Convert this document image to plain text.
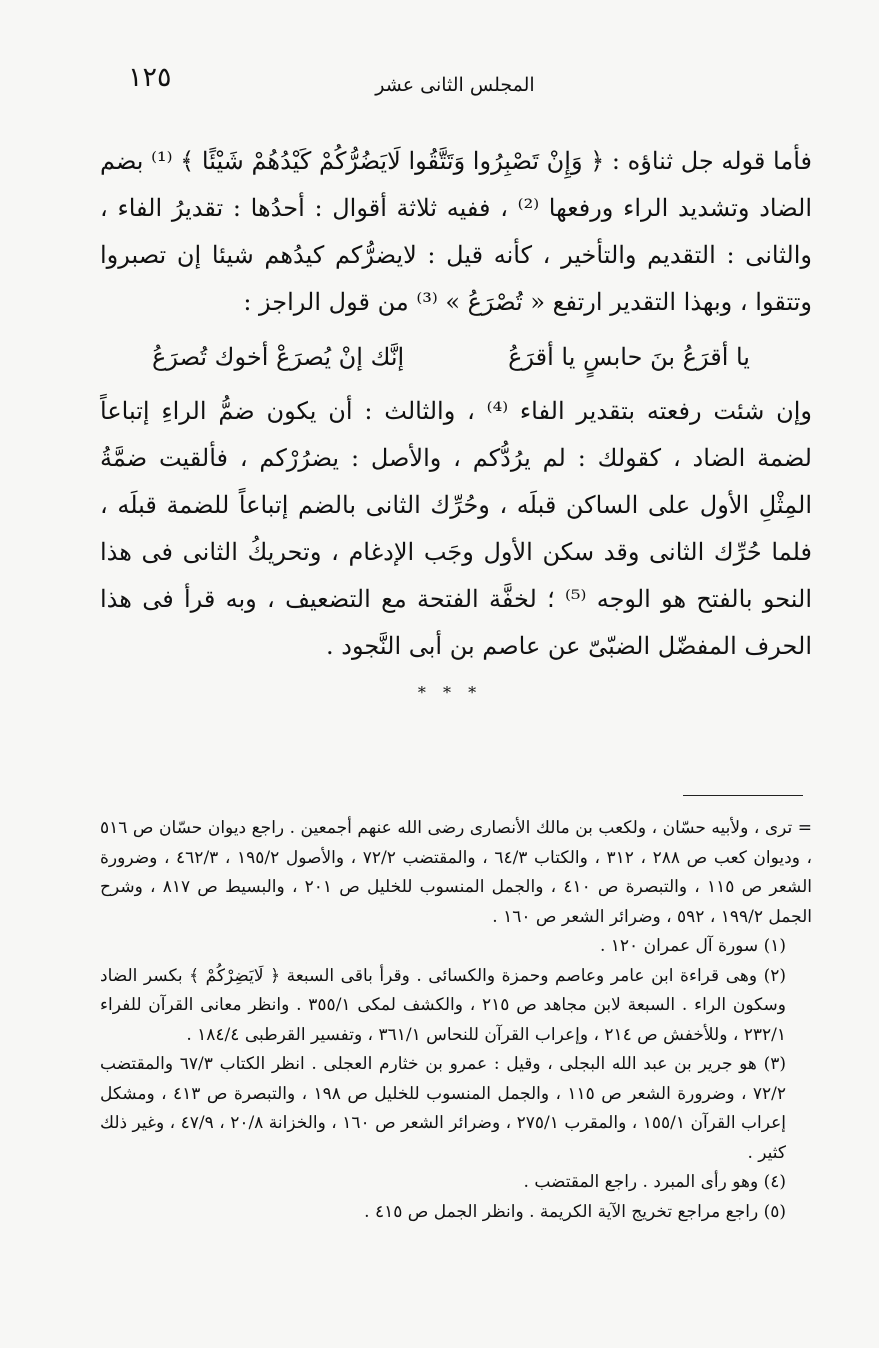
١٢٥	المجلس الثانى عشر

فأما قوله جل ثناؤه : ﴿ وَإِنْ تَصْبِرُوا وَتَتَّقُوا لَايَضُرُّكُمْ كَيْدُهُمْ شَيْئًا ﴾ ⁽¹⁾ بضم الضاد وتشديد الراء ورفعها ⁽²⁾ ، ففيه ثلاثة أقوال : أحدُها : تقديرُ الفاء ، والثانى : التقديم والتأخير ، كأنه قيل : لايضرُّكم كيدُهم شيئا إن تصبروا وتتقوا ، وبهذا التقدير ارتفع « تُصْرَعُ » ⁽³⁾ من قول الراجز :

يا أقرَعُ بنَ حابسٍ يا أقرَعُ
إنَّك إنْ يُصرَعْ أخوك تُصرَعُ

وإن شئت رفعته بتقدير الفاء ⁽⁴⁾ ، والثالث : أن يكون ضمُّ الراءِ إتباعاً لضمة الضاد ، كقولك : لم يرُدُّكم ، والأصل : يضرُرْكم ، فألقيت ضمَّةُ المِثْلِ الأول على الساكن قبلَه ، وحُرِّك الثانى بالضم إتباعاً للضمة قبلَه ، فلما حُرِّك الثانى وقد سكن الأول وجَب الإدغام ، وتحريكُ الثانى فى هذا النحو بالفتح هو الوجه ⁽⁵⁾ ؛ لخفَّة الفتحة مع التضعيف ، وبه قرأ فى هذا الحرف المفضّل الضبّىّ عن عاصم بن أبى النَّجود .

* * *

= ترى ، ولأبيه حسّان ، ولكعب بن مالك الأنصارى رضى الله عنهم أجمعين . راجع ديوان حسّان ص ٥١٦ ، وديوان كعب ص ٢٨٨ ، ٣١٢ ، والكتاب ٦٤/٣ ، والمقتضب ٧٢/٢ ، والأصول ١٩٥/٢ ، ٤٦٢/٣ ، وضرورة الشعر ص ١١٥ ، والتبصرة ص ٤١٠ ، والجمل المنسوب للخليل ص ٢٠١ ، والبسيط ص ٨١٧ ، وشرح الجمل ١٩٩/٢ ، ٥٩٢ ، وضرائر الشعر ص ١٦٠ .

(١) سورة آل عمران ١٢٠ .

(٢) وهى قراءة ابن عامر وعاصم وحمزة والكسائى . وقرأ باقى السبعة ﴿ لَايَضِرْكُمْ ﴾ بكسر الضاد وسكون الراء . السبعة لابن مجاهد ص ٢١٥ ، والكشف لمكى ٣٥٥/١ . وانظر معانى القرآن للفراء ٢٣٢/١ ، وللأخفش ص ٢١٤ ، وإعراب القرآن للنحاس ٣٦١/١ ، وتفسير القرطبى ١٨٤/٤ .

(٣) هو جرير بن عبد الله البجلى ، وقيل : عمرو بن خثارم العجلى . انظر الكتاب ٦٧/٣ والمقتضب ٧٢/٢ ، وضرورة الشعر ص ١١٥ ، والجمل المنسوب للخليل ص ١٩٨ ، والتبصرة ص ٤١٣ ، ومشكل إعراب القرآن ١٥٥/١ ، والمقرب ٢٧٥/١ ، وضرائر الشعر ص ١٦٠ ، والخزانة ٢٠/٨ ، ٤٧/٩ ، وغير ذلك كثير .

(٤) وهو رأى المبرد . راجع المقتضب .

(٥) راجع مراجع تخريج الآية الكريمة . وانظر الجمل ص ٤١٥ .
